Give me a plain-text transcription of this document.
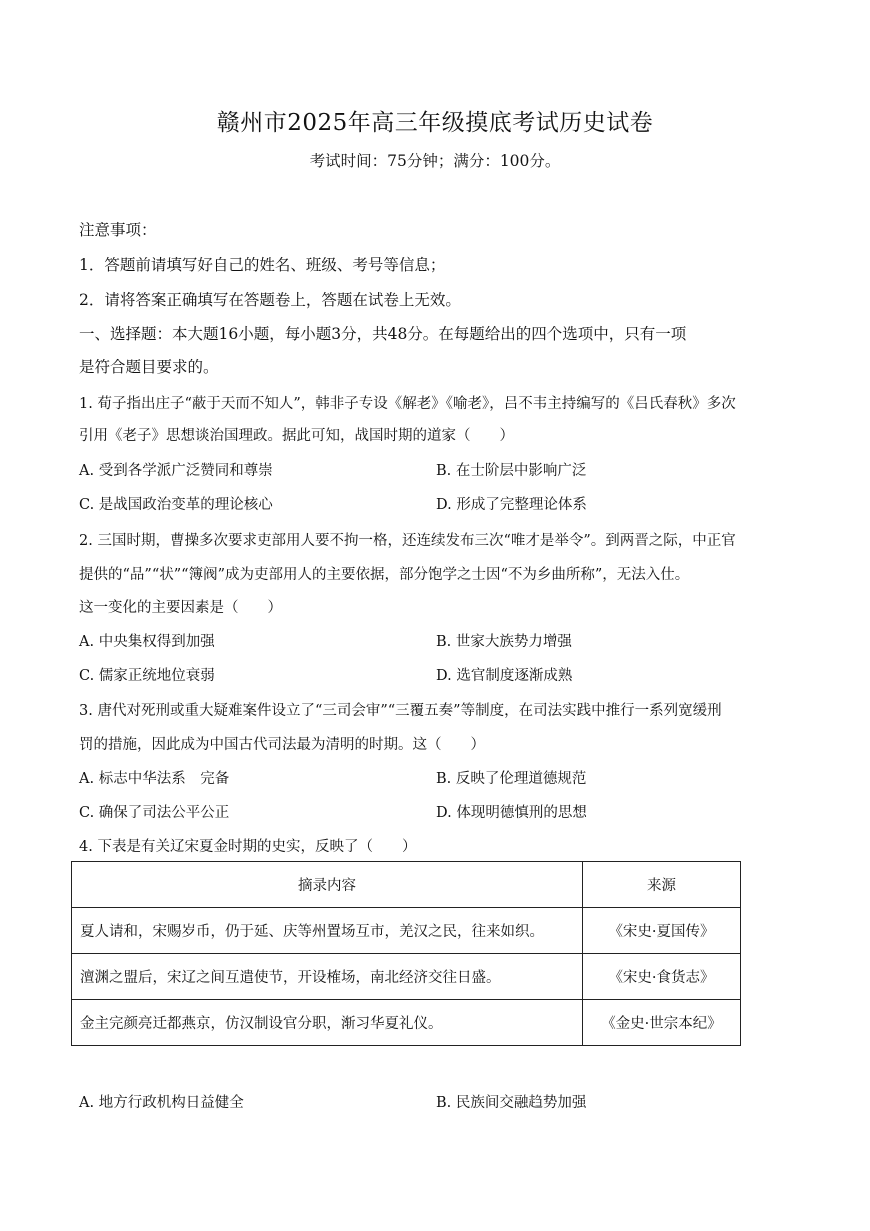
赣州市2025年高三年级摸底考试历史试卷
考试时间：75分钟；满分：100分。
注意事项：
1．答题前请填写好自己的姓名、班级、考号等信息；
2．请将答案正确填写在答题卷上，答题在试卷上无效。
一、选择题：本大题16小题，每小题3分，共48分。在每题给出的四个选项中，只有一项
是符合题目要求的。
1. 荀子指出庄子“蔽于天而不知人”，韩非子专设《解老》《喻老》，吕不韦主持编写的《吕氏春秋》多次
引用《老子》思想谈治国理政。据此可知，战国时期的道家（　　）
A. 受到各学派广泛赞同和尊崇	B. 在士阶层中影响广泛
C. 是战国政治变革的理论核心	D. 形成了完整理论体系
2. 三国时期，曹操多次要求吏部用人要不拘一格，还连续发布三次“唯才是举令”。到两晋之际，中正官
提供的“品”“状”“簿阀”成为吏部用人的主要依据，部分饱学之士因“不为乡曲所称”，无法入仕。
这一变化的主要因素是（　　）
A. 中央集权得到加强	B. 世家大族势力增强
C. 儒家正统地位衰弱	D. 选官制度逐渐成熟
3. 唐代对死刑或重大疑难案件设立了“三司会审”“三覆五奏”等制度，在司法实践中推行一系列宽缓刑
罚的措施，因此成为中国古代司法最为清明的时期。这（　　）
A. 标志中华法系　完备	B. 反映了伦理道德规范
C. 确保了司法公平公正	D. 体现明德慎刑的思想
4. 下表是有关辽宋夏金时期的史实，反映了（　　）
摘录内容	来源
夏人请和，宋赐岁币，仍于延、庆等州置场互市，羌汉之民，往来如织。	《宋史·夏国传》
澶渊之盟后，宋辽之间互遣使节，开设榷场，南北经济交往日盛。	《宋史·食货志》
金主完颜亮迁都燕京，仿汉制设官分职，渐习华夏礼仪。	《金史·世宗本纪》
A. 地方行政机构日益健全	B. 民族间交融趋势加强
